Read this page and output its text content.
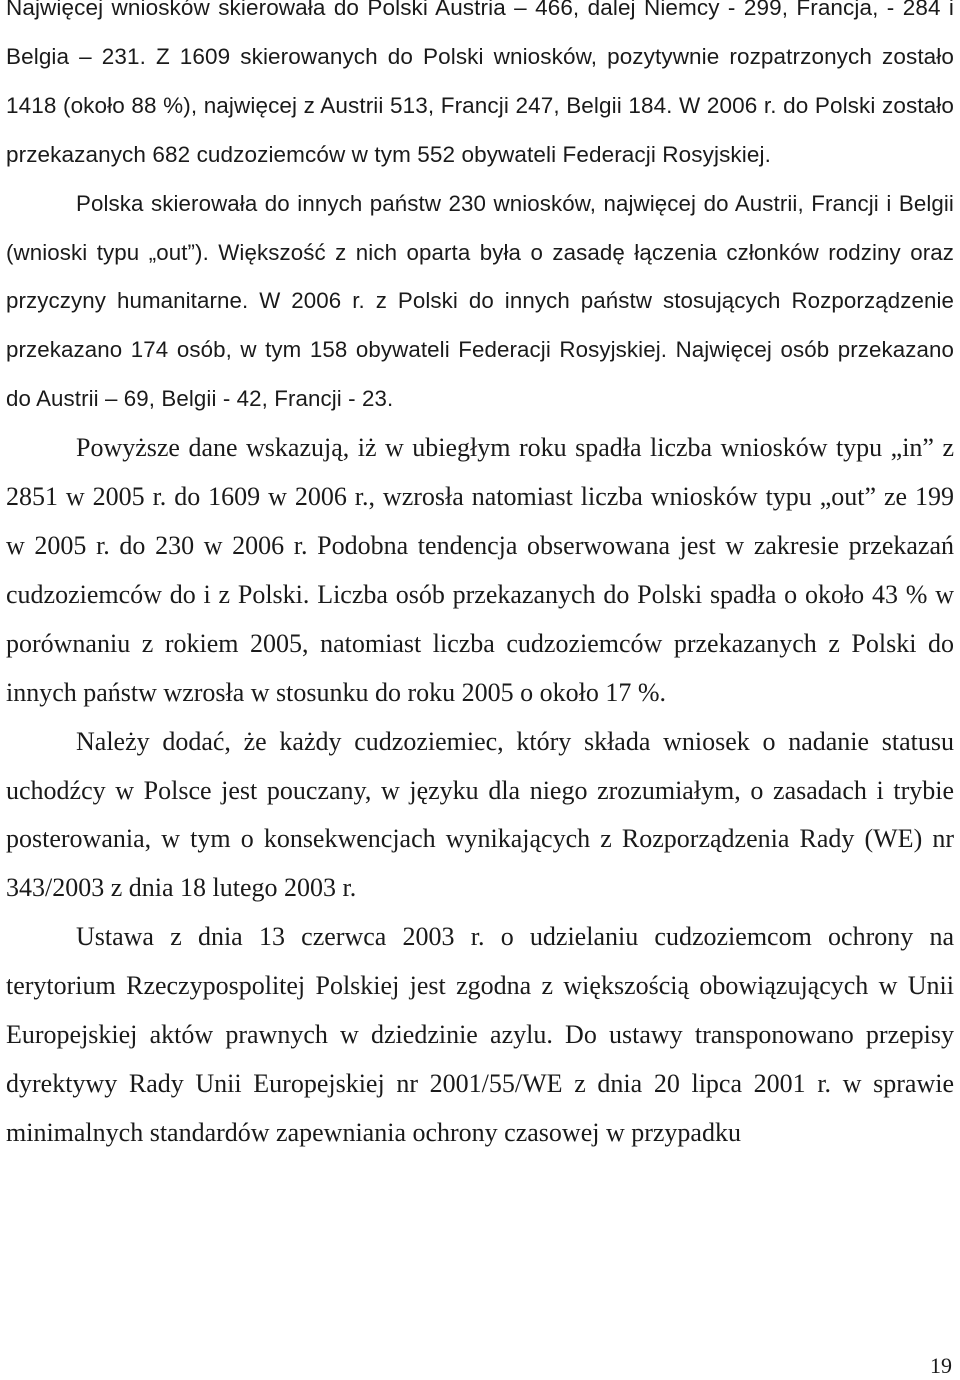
Najwięcej wniosków skierowała do Polski Austria – 466, dalej Niemcy - 299, Francja, - 284 i Belgia – 231. Z 1609 skierowanych do Polski wniosków, pozytywnie rozpatrzonych zostało 1418 (około 88 %), najwięcej z Austrii 513, Francji 247, Belgii 184. W 2006 r. do Polski zostało przekazanych 682 cudzoziemców w tym 552 obywateli Federacji Rosyjskiej.

Polska skierowała do innych państw 230 wniosków, najwięcej do Austrii, Francji i Belgii (wnioski typu „out”). Większość z nich oparta była o zasadę łączenia członków rodziny oraz przyczyny humanitarne. W 2006 r. z Polski do innych państw stosujących Rozporządzenie przekazano 174 osób, w tym 158 obywateli Federacji Rosyjskiej. Najwięcej osób przekazano do Austrii – 69, Belgii - 42, Francji - 23.

Powyższe dane wskazują, iż w ubiegłym roku spadła liczba wniosków typu „in” z 2851 w 2005 r. do 1609 w 2006 r., wzrosła natomiast liczba wniosków typu „out” ze 199 w 2005 r. do 230 w 2006 r. Podobna tendencja obserwowana jest w zakresie przekazań cudzoziemców do i z Polski. Liczba osób przekazanych do Polski spadła o około 43 % w porównaniu z rokiem 2005, natomiast liczba cudzoziemców przekazanych z Polski do innych państw wzrosła w stosunku do roku 2005 o około 17 %.

Należy dodać, że każdy cudzoziemiec, który składa wniosek o nadanie statusu uchodźcy w Polsce jest pouczany, w języku dla niego zrozumiałym, o zasadach i trybie posterowania, w tym o konsekwencjach wynikających z Rozporządzenia Rady (WE) nr 343/2003 z dnia 18 lutego 2003 r.

Ustawa z dnia 13 czerwca 2003 r. o udzielaniu cudzoziemcom ochrony na terytorium Rzeczypospolitej Polskiej jest zgodna z większością obowiązujących w Unii Europejskiej aktów prawnych w dziedzinie azylu. Do ustawy transponowano przepisy dyrektywy Rady Unii Europejskiej nr 2001/55/WE z dnia 20 lipca 2001 r. w sprawie minimalnych standardów zapewniania ochrony czasowej w przypadku

19
